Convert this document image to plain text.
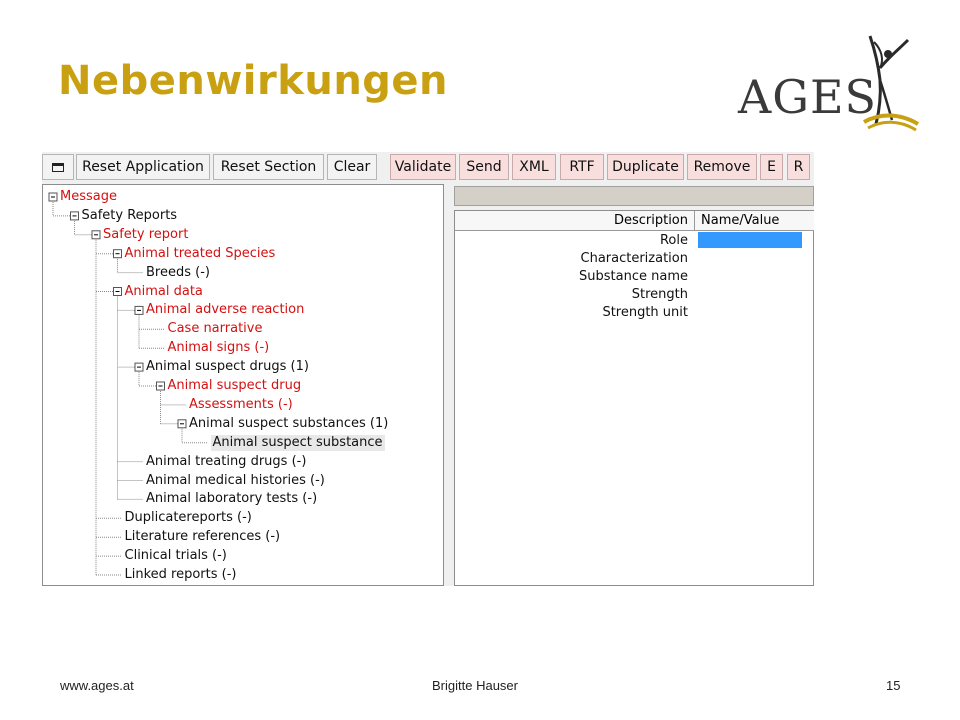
Nebenwirkungen	AGES
Reset Application	Reset Section	Clear	Validate	Send	XML	RTF	Duplicate	Remove	E	R
Message
Safety Reports
Safety report
Animal treated Species
Breeds (-)
Animal data
Animal adverse reaction
Case narrative
Animal signs (-)
Animal suspect drugs (1)
Animal suspect drug
Assessments (-)
Animal suspect substances (1)
Animal suspect substance
Animal treating drugs (-)
Animal medical histories (-)
Animal laboratory tests (-)
Duplicatereports (-)
Literature references (-)
Clinical trials (-)
Linked reports (-)
Description	Name/Value
Role
Characterization
Substance name
Strength
Strength unit
www.ages.at	Brigitte Hauser	15
